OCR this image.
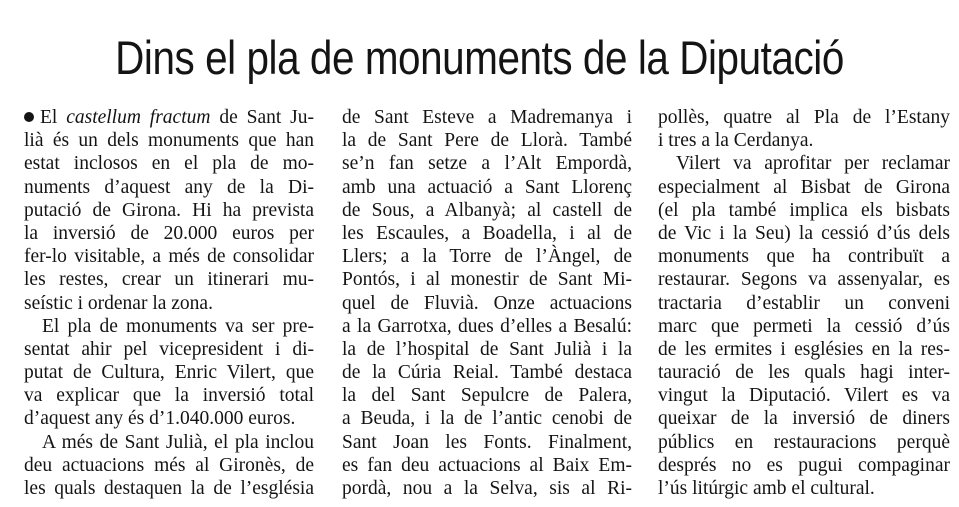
Dins el pla de monuments de la Diputació
El castellum fractum de Sant Ju-
lià és un dels monuments que han
estat inclosos en el pla de mo-
numents d’aquest any de la Di-
putació de Girona. Hi ha prevista
la inversió de 20.000 euros per
fer-lo visitable, a més de consolidar
les restes, crear un itinerari mu-
seístic i ordenar la zona.
El pla de monuments va ser pre-
sentat ahir pel vicepresident i di-
putat de Cultura, Enric Vilert, que
va explicar que la inversió total
d’aquest any és d’1.040.000 euros.
A més de Sant Julià, el pla inclou
deu actuacions més al Gironès, de
les quals destaquen la de l’església
de Sant Esteve a Madremanya i
la de Sant Pere de Llorà. També
se’n fan setze a l’Alt Empordà,
amb una actuació a Sant Llorenç
de Sous, a Albanyà; al castell de
les Escaules, a Boadella, i al de
Llers; a la Torre de l’Àngel, de
Pontós, i al monestir de Sant Mi-
quel de Fluvià. Onze actuacions
a la Garrotxa, dues d’elles a Besalú:
la de l’hospital de Sant Julià i la
de la Cúria Reial. També destaca
la del Sant Sepulcre de Palera,
a Beuda, i la de l’antic cenobi de
Sant Joan les Fonts. Finalment,
es fan deu actuacions al Baix Em-
pordà, nou a la Selva, sis al Ri-
pollès, quatre al Pla de l’Estany
i tres a la Cerdanya.
Vilert va aprofitar per reclamar
especialment al Bisbat de Girona
(el pla també implica els bisbats
de Vic i la Seu) la cessió d’ús dels
monuments que ha contribuït a
restaurar. Segons va assenyalar, es
tractaria d’establir un conveni
marc que permeti la cessió d’ús
de les ermites i esglésies en la res-
tauració de les quals hagi inter-
vingut la Diputació. Vilert es va
queixar de la inversió de diners
públics en restauracions perquè
després no es pugui compaginar
l’ús litúrgic amb el cultural.
